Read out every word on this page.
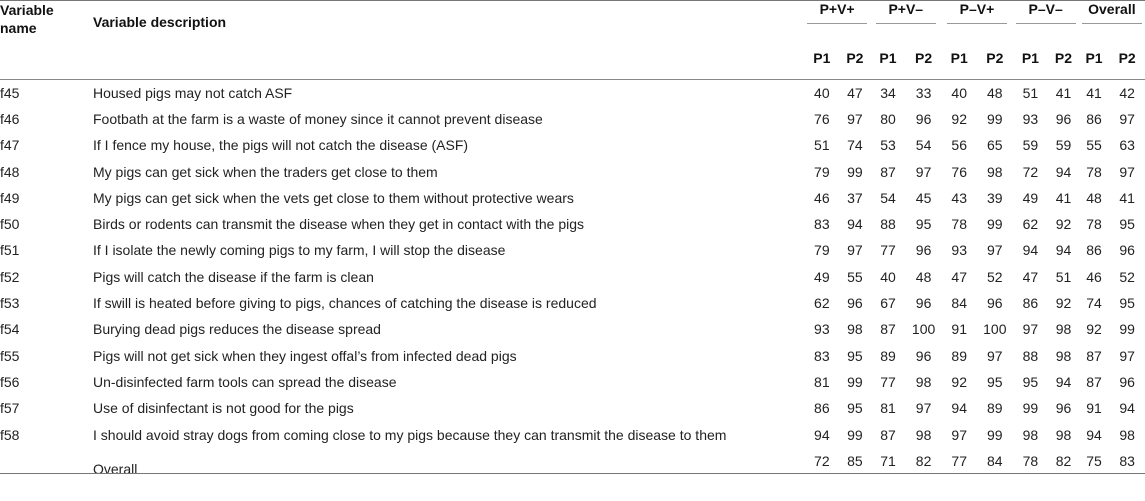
Variable name Variable description	P+V+		P+V–		P–V+		P–V–		Overall	
	P1	P2	P1	P2	P1	P2	P1	P2	P1	P2
f45 Housed pigs may not catch ASF	40	47	34	33	40	48	51	41	41	42
f46 Footbath at the farm is a waste of money since it cannot prevent disease	76	97	80	96	92	99	93	96	86	97
f47 If I fence my house, the pigs will not catch the disease (ASF)	51	74	53	54	56	65	59	59	55	63
f48 My pigs can get sick when the traders get close to them	79	99	87	97	76	98	72	94	78	97
f49 My pigs can get sick when the vets get close to them without protective wears	46	37	54	45	43	39	49	41	48	41
f50 Birds or rodents can transmit the disease when they get in contact with the pigs	83	94	88	95	78	99	62	92	78	95
f51 If I isolate the newly coming pigs to my farm, I will stop the disease	79	97	77	96	93	97	94	94	86	96
f52 Pigs will catch the disease if the farm is clean	49	55	40	48	47	52	47	51	46	52
f53 If swill is heated before giving to pigs, chances of catching the disease is reduced	62	96	67	96	84	96	86	92	74	95
f54 Burying dead pigs reduces the disease spread	93	98	87	100	91	100	97	98	92	99
f55 Pigs will not get sick when they ingest offal’s from infected dead pigs	83	95	89	96	89	97	88	98	87	97
f56 Un-disinfected farm tools can spread the disease	81	99	77	98	92	95	95	94	87	96
f57 Use of disinfectant is not good for the pigs	86	95	81	97	94	89	99	96	91	94
f58 I should avoid stray dogs from coming close to my pigs because they can transmit the disease to them	94	99	87	98	97	99	98	98	94	98

Overall	72	85	71	82	77	84	78	82	75	83
